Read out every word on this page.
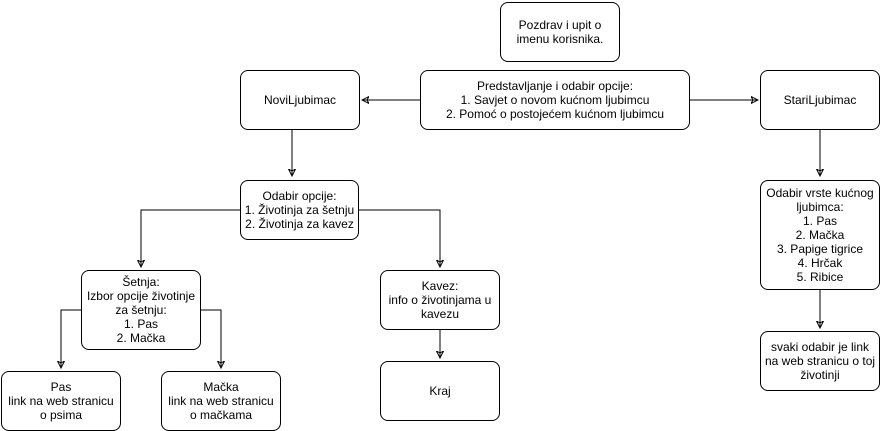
Pozdrav i upit o
imenu korisnika.
Predstavljanje i odabir opcije:
1. Savjet o novom kućnom ljubimcu
2. Pomoć o postojećem kućnom ljubimcu
NoviLjubimac	StariLjubimac
Odabir opcije:
1. Životinja za šetnju
2. Životinja za kavez
Šetnja:
Izbor opcije životinje
za šetnju:
1. Pas
2. Mačka
Kavez:
info o životinjama u
kavezu
Kraj
Pas
link na web stranicu
o psima
Mačka
link na web stranicu
o mačkama
Odabir vrste kućnog
ljubimca:
1. Pas
2. Mačka
3. Papige tigrice
4. Hrčak
5. Ribice
svaki odabir je link
na web stranicu o toj
životinji
